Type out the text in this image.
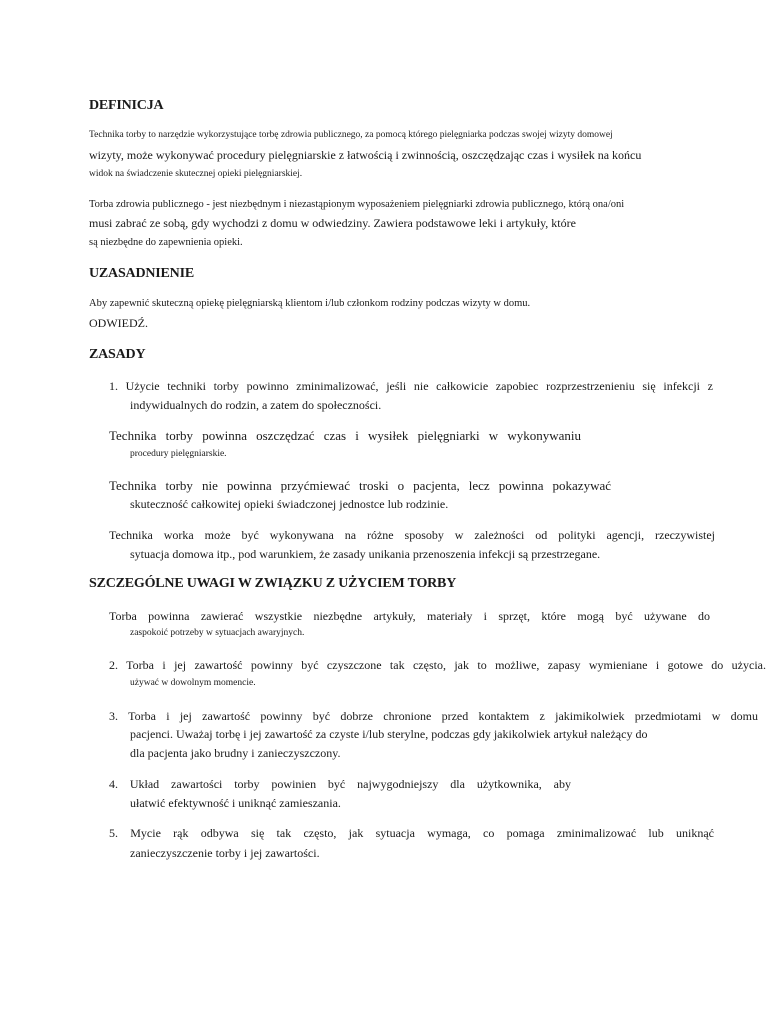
DEFINICJA
Technika torby to narzędzie wykorzystujące torbę zdrowia publicznego, za pomocą którego pielęgniarka podczas swojej wizyty domowej
wizyty, może wykonywać procedury pielęgniarskie z łatwością i zwinnością, oszczędzając czas i wysiłek na końcu
widok na świadczenie skutecznej opieki pielęgniarskiej.
Torba zdrowia publicznego - jest niezbędnym i niezastąpionym wyposażeniem pielęgniarki zdrowia publicznego, którą ona/oni
musi zabrać ze sobą, gdy wychodzi z domu w odwiedziny. Zawiera podstawowe leki i artykuły, które
są niezbędne do zapewnienia opieki.
UZASADNIENIE
Aby zapewnić skuteczną opiekę pielęgniarską klientom i/lub członkom rodziny podczas wizyty w domu.
ODWIEDŹ.
ZASADY
1. Użycie techniki torby powinno zminimalizować, jeśli nie całkowicie zapobiec rozprzestrzenieniu się infekcji z
indywidualnych do rodzin, a zatem do społeczności.
Technika torby powinna oszczędzać czas i wysiłek pielęgniarki w wykonywaniu
procedury pielęgniarskie.
Technika torby nie powinna przyćmiewać troski o pacjenta, lecz powinna pokazywać
skuteczność całkowitej opieki świadczonej jednostce lub rodzinie.
Technika worka może być wykonywana na różne sposoby w zależności od polityki agencji, rzeczywistej
sytuacja domowa itp., pod warunkiem, że zasady unikania przenoszenia infekcji są przestrzegane.
SZCZEGÓLNE UWAGI W ZWIĄZKU Z UŻYCIEM TORBY
Torba powinna zawierać wszystkie niezbędne artykuły, materiały i sprzęt, które mogą być używane do
zaspokoić potrzeby w sytuacjach awaryjnych.
2. Torba i jej zawartość powinny być czyszczone tak często, jak to możliwe, zapasy wymieniane i gotowe do użycia.
używać w dowolnym momencie.
3. Torba i jej zawartość powinny być dobrze chronione przed kontaktem z jakimikolwiek przedmiotami w domu
pacjenci. Uważaj torbę i jej zawartość za czyste i/lub sterylne, podczas gdy jakikolwiek artykuł należący do
dla pacjenta jako brudny i zanieczyszczony.
4. Układ zawartości torby powinien być najwygodniejszy dla użytkownika, aby
ułatwić efektywność i uniknąć zamieszania.
5. Mycie rąk odbywa się tak często, jak sytuacja wymaga, co pomaga zminimalizować lub uniknąć
zanieczyszczenie torby i jej zawartości.
